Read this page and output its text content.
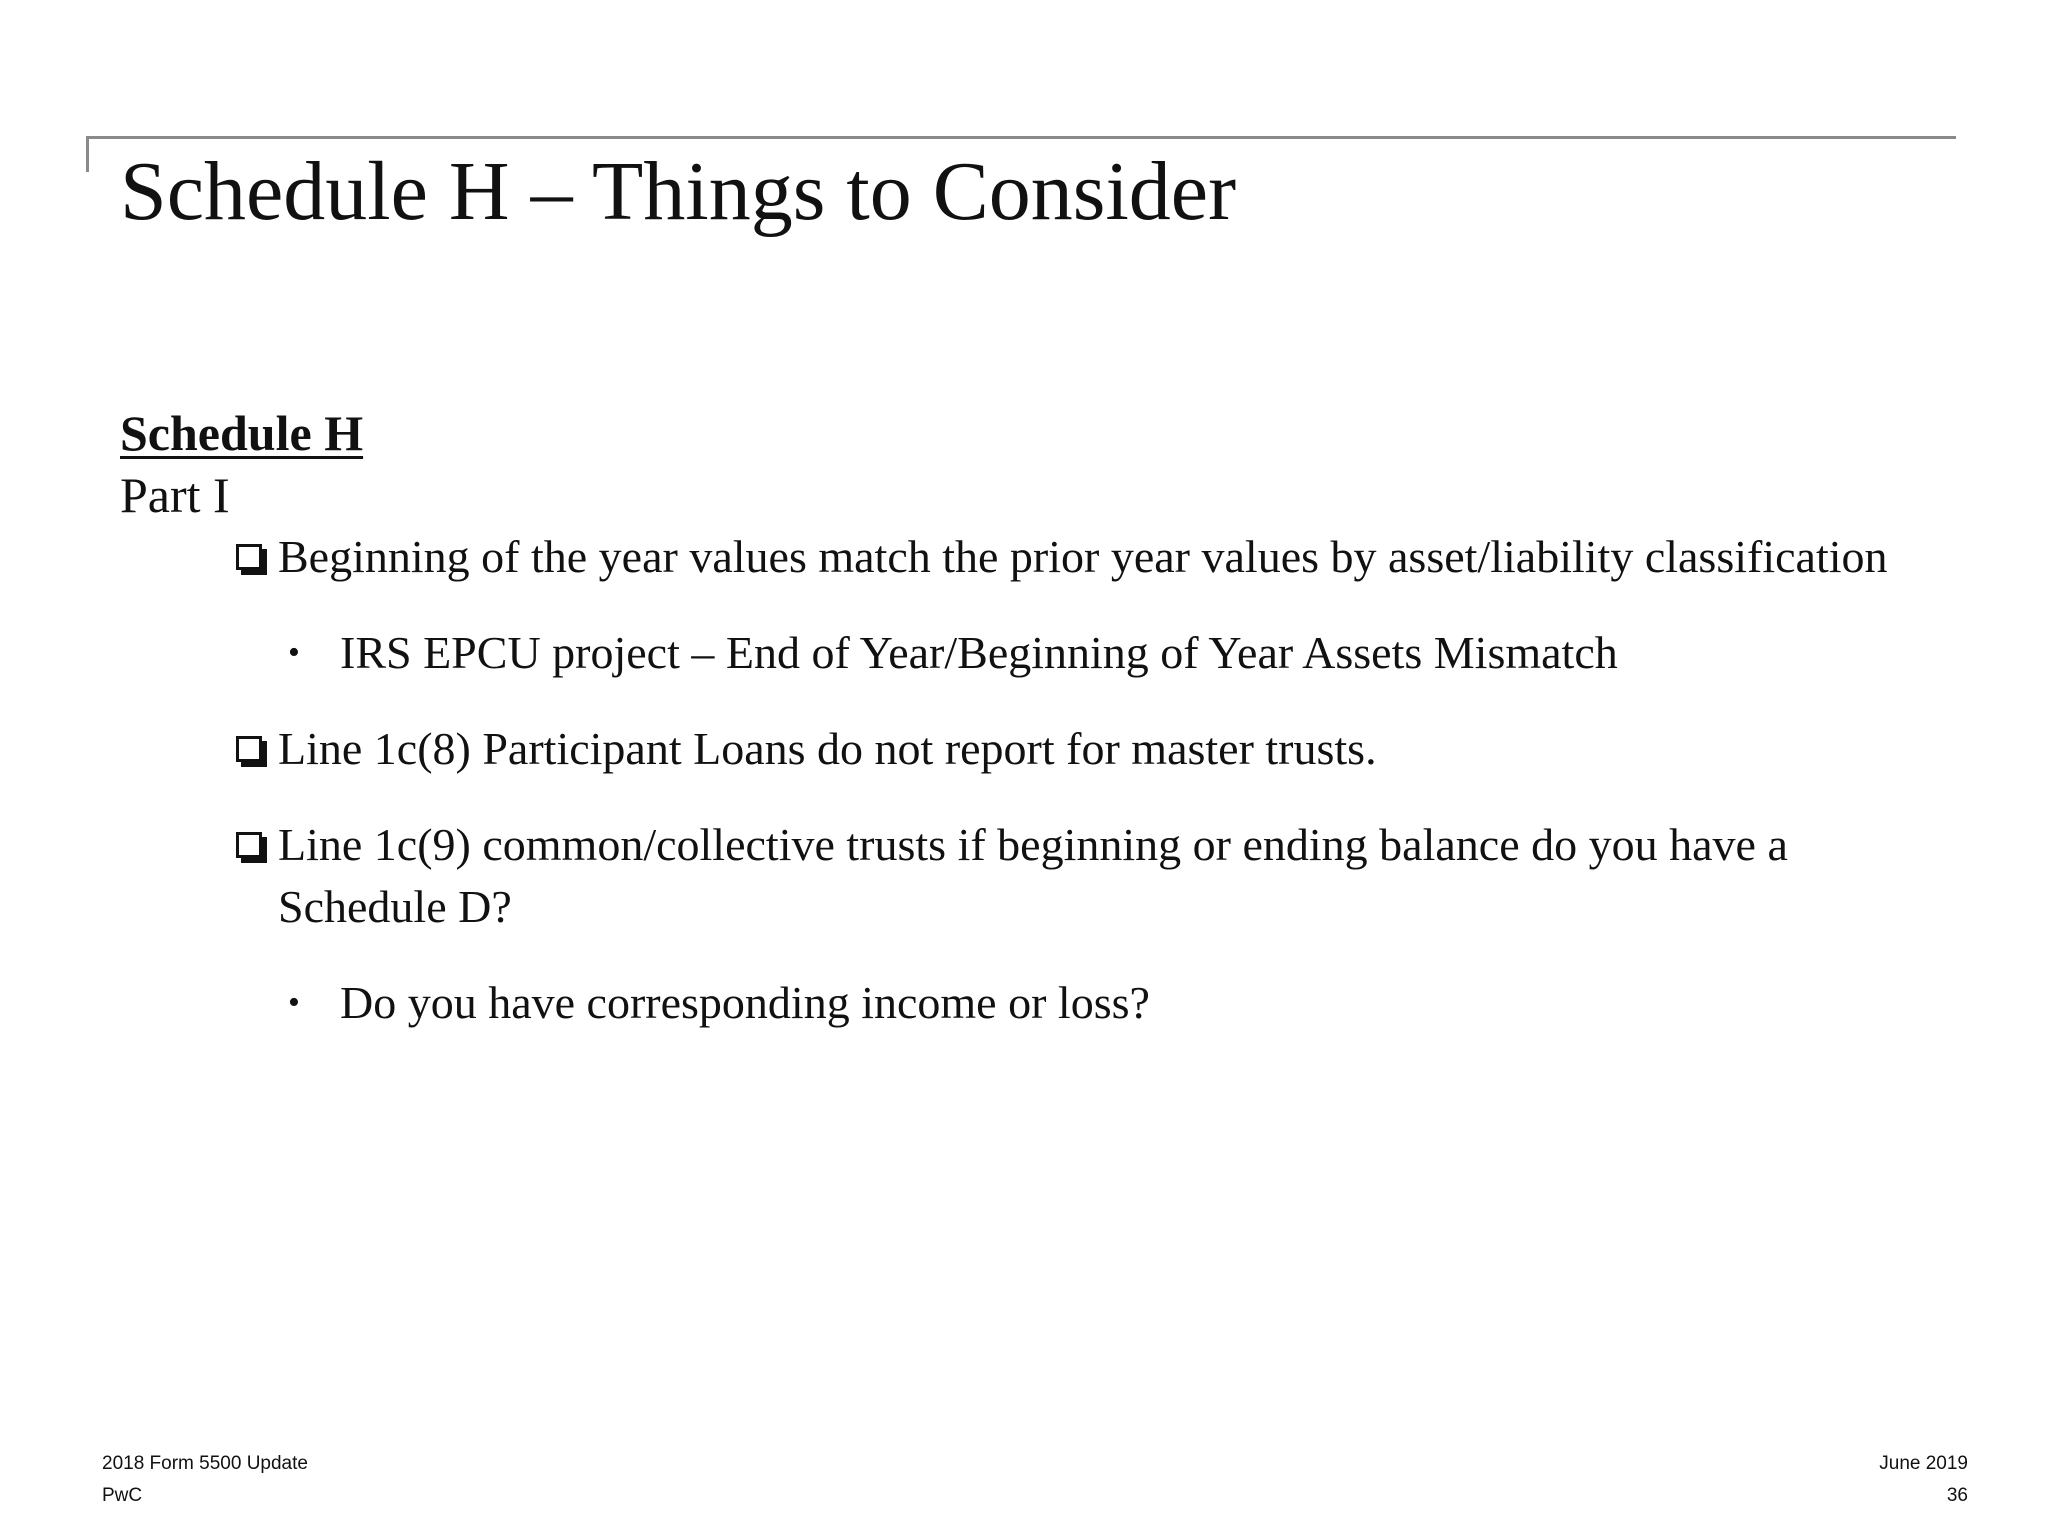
Schedule H – Things to Consider
Schedule H
Part I
Beginning of the year values match the prior year values by asset/liability classification
• IRS EPCU project – End of Year/Beginning of Year Assets Mismatch
Line 1c(8) Participant Loans do not report for master trusts.
Line 1c(9) common/collective trusts if beginning or ending balance do you have a Schedule D?
• Do you have corresponding income or loss?
2018 Form 5500 Update
PwC
June 2019
36
